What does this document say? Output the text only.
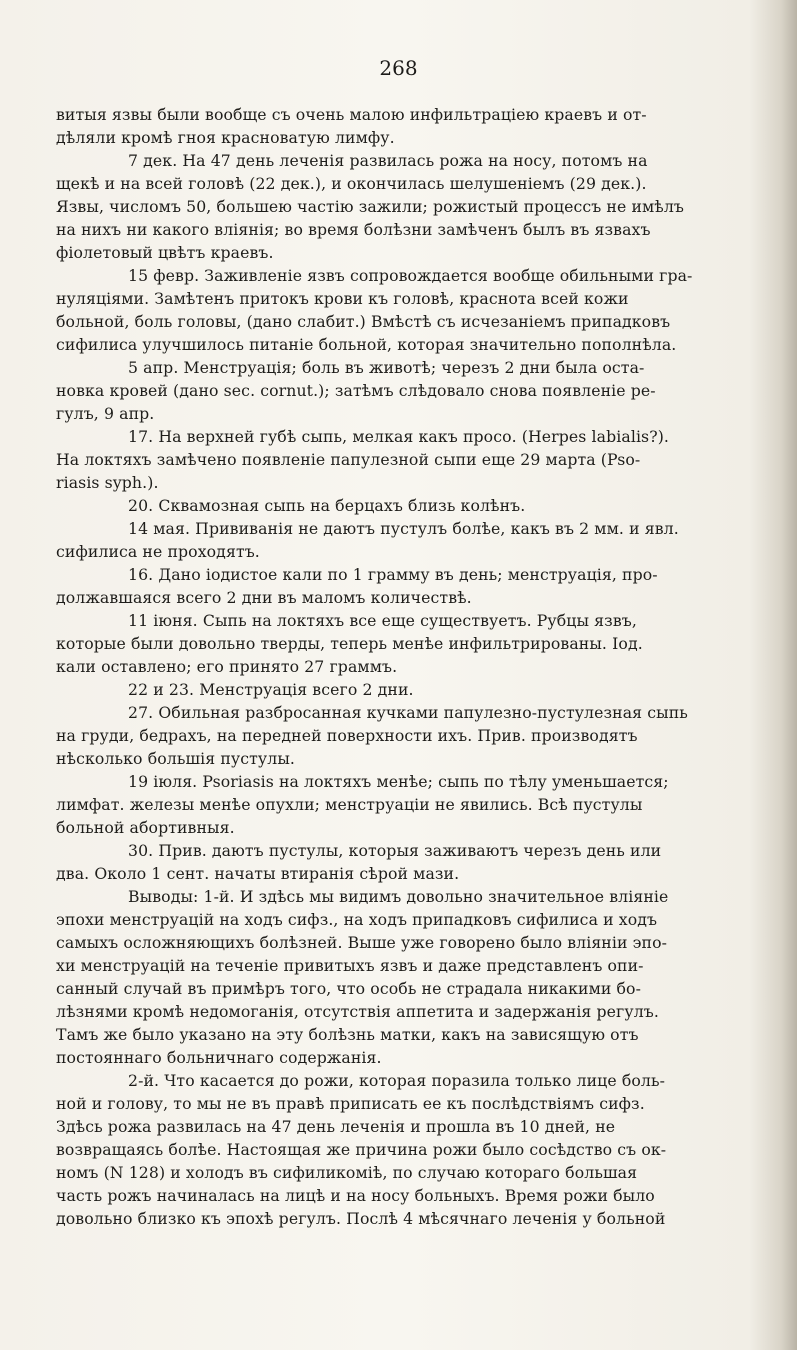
268
витыя язвы были вообще съ очень малою инфильтраціею краевъ и от-
дѣляли кромѣ гноя красноватую лимфу.
7 дек. На 47 день леченія развилась рожа на носу, потомъ на
щекѣ и на всей головѣ (22 дек.), и окончилась шелушеніемъ (29 дек.).
Язвы, числомъ 50, большею частію зажили; рожистый процессъ не имѣлъ
на нихъ ни какого вліянія; во время болѣзни замѣченъ былъ въ язвахъ
фіолетовый цвѣтъ краевъ.
15 февр. Заживленіе язвъ сопровождается вообще обильными гра-
нуляціями. Замѣтенъ притокъ крови къ головѣ, краснота всей кожи
больной, боль головы, (дано слабит.) Вмѣстѣ съ исчезаніемъ припадковъ
сифилиса улучшилось питаніе больной, которая значительно пополнѣла.
5 апр. Менструація; боль въ животѣ; черезъ 2 дни была оста-
новка кровей (дано sec. cornut.); затѣмъ слѣдовало снова появленіе ре-
гулъ, 9 апр.
17. На верхней губѣ сыпь, мелкая какъ просо. (Herpes labialis?).
На локтяхъ замѣчено появленіе папулезной сыпи еще 29 марта (Pso-
riasis syph.).
20. Сквамозная сыпь на берцахъ близь колѣнъ.
14 мая. Прививанія не даютъ пустулъ болѣе, какъ въ 2 мм. и явл.
сифилиса не проходятъ.
16. Дано іодистое кали по 1 грамму въ день; менструація, про-
должавшаяся всего 2 дни въ маломъ количествѣ.
11 іюня. Сыпь на локтяхъ все еще существуетъ. Рубцы язвъ,
которые были довольно тверды, теперь менѣе инфильтрированы. Іод.
кали оставлено; его принято 27 граммъ.
22 и 23. Менструація всего 2 дни.
27. Обильная разбросанная кучками папулезно-пустулезная сыпь
на груди, бедрахъ, на передней поверхности ихъ. Прив. производятъ
нѣсколько большія пустулы.
19 іюля. Psoriasis на локтяхъ менѣе; сыпь по тѣлу уменьшается;
лимфат. железы менѣе опухли; менструаціи не явились. Всѣ пустулы
больной абортивныя.
30. Прив. даютъ пустулы, которыя заживаютъ черезъ день или
два. Около 1 сент. начаты втиранія сѣрой мази.
Выводы: 1-й. И здѣсь мы видимъ довольно значительное вліяніе
эпохи менструацій на ходъ сифз., на ходъ припадковъ сифилиса и ходъ
самыхъ осложняющихъ болѣзней. Выше уже говорено было вліяніи эпо-
хи менструацій на теченіе привитыхъ язвъ и даже представленъ опи-
санный случай въ примѣръ того, что особь не страдала никакими бо-
лѣзнями кромѣ недомоганія, отсутствія аппетита и задержанія регулъ.
Тамъ же было указано на эту болѣзнь матки, какъ на зависящую отъ
постояннаго больничнаго содержанія.
2-й. Что касается до рожи, которая поразила только лице боль-
ной и голову, то мы не въ правѣ приписать ее къ послѣдствіямъ сифз.
Здѣсь рожа развилась на 47 день леченія и прошла въ 10 дней, не
возвращаясь болѣе. Настоящая же причина рожи было сосѣдство съ ок-
номъ (N 128) и холодъ въ сифиликоміѣ, по случаю котораго большая
часть рожъ начиналась на лицѣ и на носу больныхъ. Время рожи было
довольно близко къ эпохѣ регулъ. Послѣ 4 мѣсячнаго леченія у больной
